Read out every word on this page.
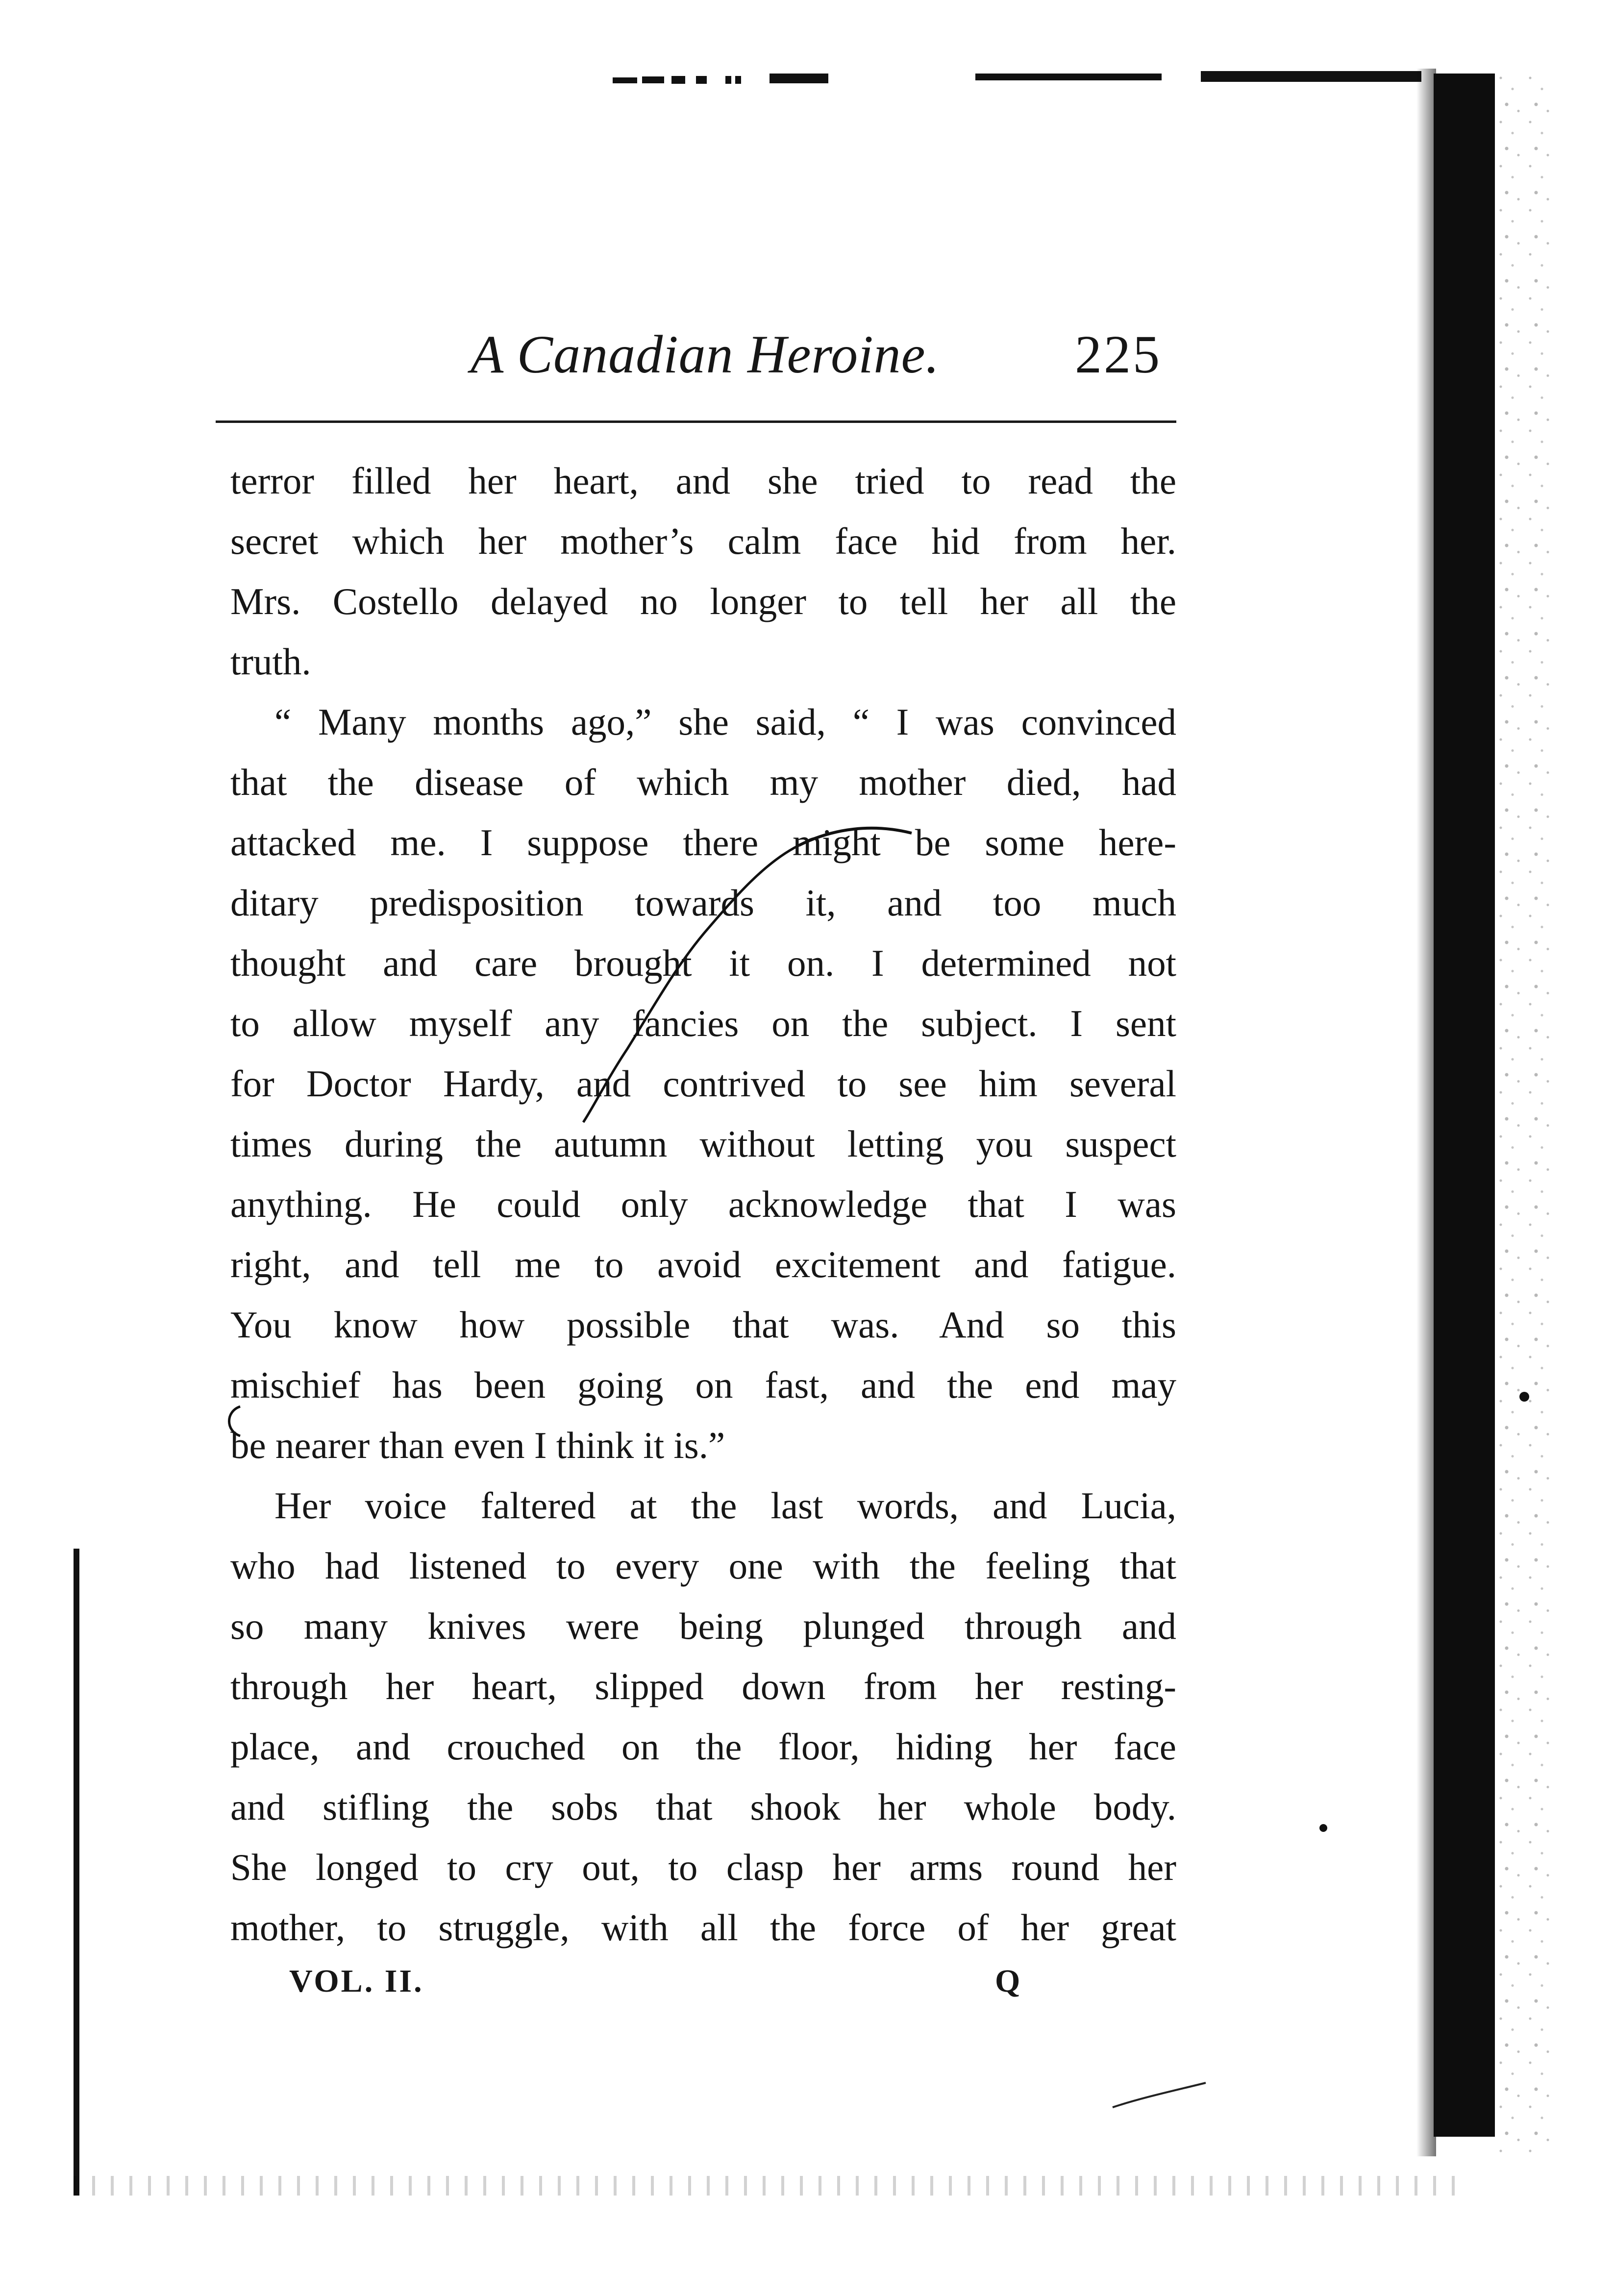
A Canadian Heroine.	225
terror filled her heart, and she tried to read the
secret which her mother’s calm face hid from her.
Mrs. Costello delayed no longer to tell her all the
truth.
“ Many months ago,” she said, “ I was convinced
that the disease of which my mother died, had
attacked me. I suppose there might be some here-
ditary predisposition towards it, and too much
thought and care brought it on. I determined not
to allow myself any fancies on the subject. I sent
for Doctor Hardy, and contrived to see him several
times during the autumn without letting you suspect
anything. He could only acknowledge that I was
right, and tell me to avoid excitement and fatigue.
You know how possible that was. And so this
mischief has been going on fast, and the end may
be nearer than even I think it is.”
Her voice faltered at the last words, and Lucia,
who had listened to every one with the feeling that
so many knives were being plunged through and
through her heart, slipped down from her resting-
place, and crouched on the floor, hiding her face
and stifling the sobs that shook her whole body.
She longed to cry out, to clasp her arms round her
mother, to struggle, with all the force of her great
VOL. II.	Q
